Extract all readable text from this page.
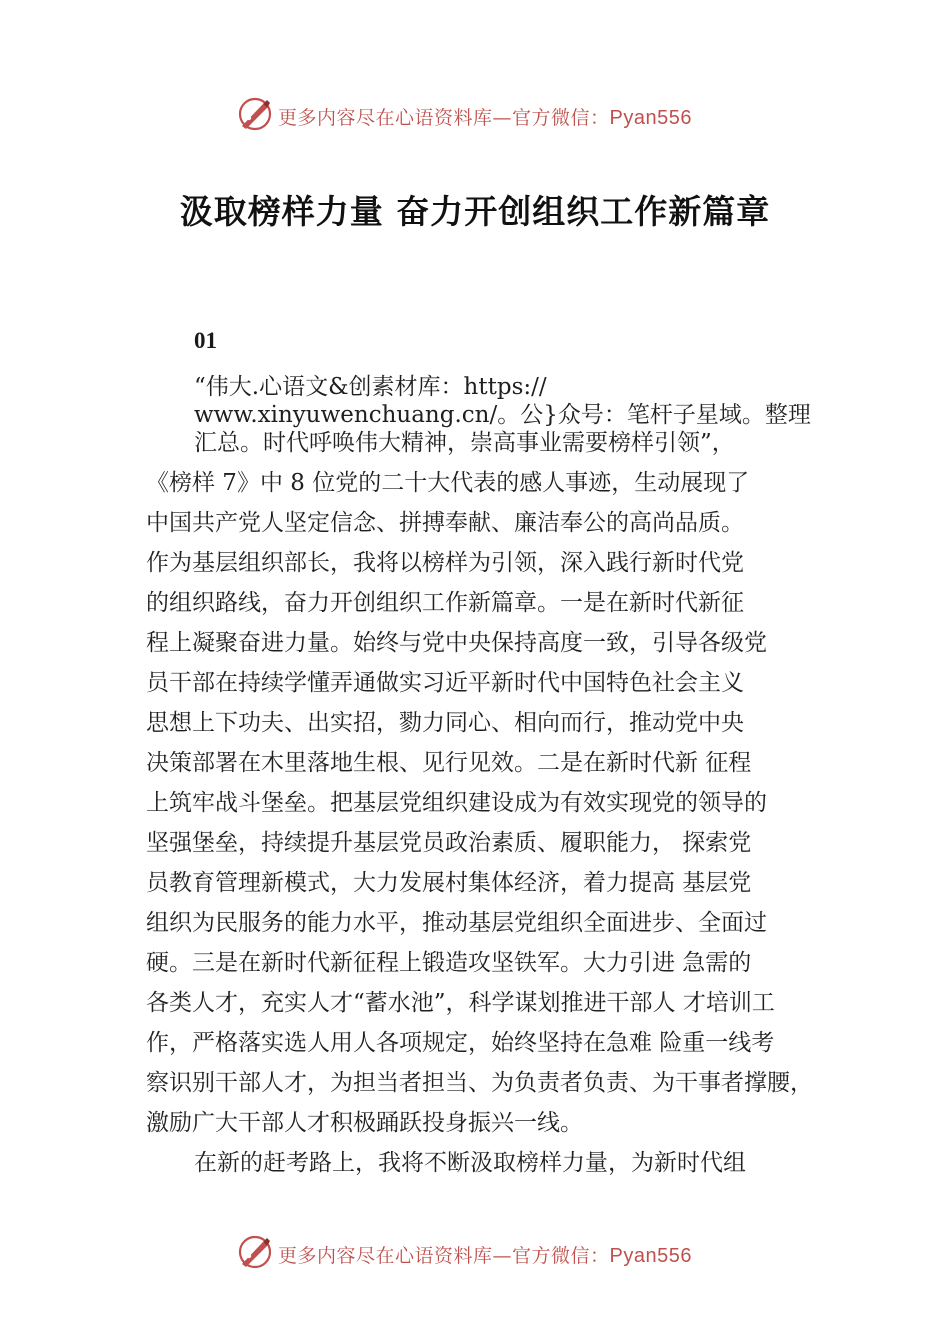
更多内容尽在心语资料库—官方微信：Pyan556
汲取榜样力量 奋力开创组织工作新篇章

01

“伟大.心语文&创素材库：https://

www.xinyuwenchuang.cn/。公}众号：笔杆子星域。整理

汇总。时代呼唤伟大精神，崇高事业需要榜样引领”，

《榜样 7》中 8 位党的二十大代表的感人事迹，生动展现了

中国共产党人坚定信念、拼搏奉献、廉洁奉公的高尚品质。

作为基层组织部长，我将以榜样为引领，深入践行新时代党

的组织路线，奋力开创组织工作新篇章。一是在新时代新征

程上凝聚奋进力量。始终与党中央保持高度一致，引导各级党

员干部在持续学懂弄通做实习近平新时代中国特色社会主义

思想上下功夫、出实招，勠力同心、相向而行，推动党中央

决策部署在木里落地生根、见行见效。二是在新时代新 征程

上筑牢战斗堡垒。把基层党组织建设成为有效实现党的领导的

坚强堡垒，持续提升基层党员政治素质、履职能力， 探索党

员教育管理新模式，大力发展村集体经济，着力提高 基层党

组织为民服务的能力水平，推动基层党组织全面进步、全面过

硬。三是在新时代新征程上锻造攻坚铁军。大力引进 急需的

各类人才，充实人才“蓄水池”，科学谋划推进干部人 才培训工

作，严格落实选人用人各项规定，始终坚持在急难 险重一线考

察识别干部人才，为担当者担当、为负责者负责、为干事者撑腰，

激励广大干部人才积极踊跃投身振兴一线。

在新的赶考路上，我将不断汲取榜样力量，为新时代组

更多内容尽在心语资料库—官方微信：Pyan556
